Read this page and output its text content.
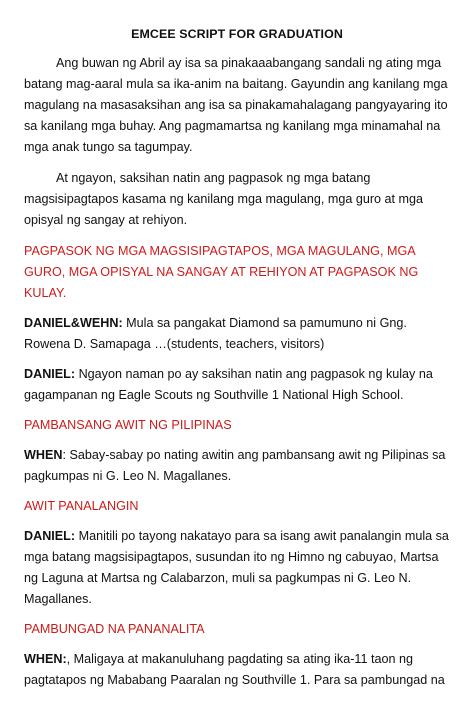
EMCEE SCRIPT FOR GRADUATION

Ang buwan ng Abril ay isa sa pinakaaabangang sandali ng ating mga batang mag-aaral mula sa ika-anim na baitang. Gayundin ang kanilang mga magulang na masasaksihan ang isa sa pinakamahalagang pangyayaring ito sa kanilang mga buhay. Ang pagmamartsa ng kanilang mga minamahal na mga anak tungo sa tagumpay.

At ngayon, saksihan natin ang pagpasok ng mga batang magsisipagtapos kasama ng kanilang mga magulang, mga guro at mga opisyal ng sangay at rehiyon.

PAGPASOK NG MGA MAGSISIPAGTAPOS, MGA MAGULANG, MGA GURO, MGA OPISYAL NA SANGAY AT REHIYON AT PAGPASOK NG KULAY.

DANIEL&WEHN: Mula sa pangakat Diamond sa pamumuno ni Gng. Rowena D. Samapaga …(students, teachers, visitors)

DANIEL: Ngayon naman po ay saksihan natin ang pagpasok ng kulay na gagampanan ng Eagle Scouts ng Southville 1 National High School.

PAMBANSANG AWIT NG PILIPINAS

WHEN: Sabay-sabay po nating awitin ang pambansang awit ng Pilipinas sa pagkumpas ni G. Leo N. Magallanes.

AWIT PANALANGIN

DANIEL: Manitili po tayong nakatayo para sa isang awit panalangin mula sa mga batang magsisipagtapos, susundan ito ng Himno ng cabuyao, Martsa ng Laguna at Martsa ng Calabarzon, muli sa pagkumpas ni G. Leo N. Magallanes.

PAMBUNGAD NA PANANALITA

WHEN:, Maligaya at makanuluhang pagdating sa ating ika-11 taon ng pagtatapos ng Mababang Paaralan ng Southville 1. Para sa pambungad na
